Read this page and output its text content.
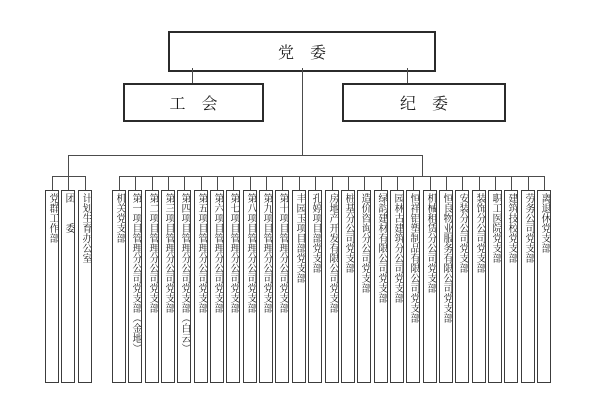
党　委
工　会	纪　委
党群工作部 团　　委 计划生育办公室 机关党支部 第一项目管理分公司党支部（金地） 第二项目管理分公司党支部 第三项目管理分公司党支部 第四项目管理分公司党支部（白云） 第五项目管理分公司党支部 第六项目管理分公司党支部 第七项目管理分公司党支部 第八项目管理分公司党支部 第九项目管理分公司党支部 第十项目管理分公司党支部 丰园玉项目部党支部 孔婷项目部党支部 房地产开发有限公司党支部 桩基分公司党支部 造价咨询分公司党支部 绿韵建材有限公司党支部 园林古建筑分公司党支部 恒祥铝塑制品有限公司党支部 机械租赁分公司党支部 恒良物业服务有限公司党支部 安装分公司党支部 装饰分公司党支部 职工医院党支部 建筑技校党支部 劳务公司党支部 离退休党支部
